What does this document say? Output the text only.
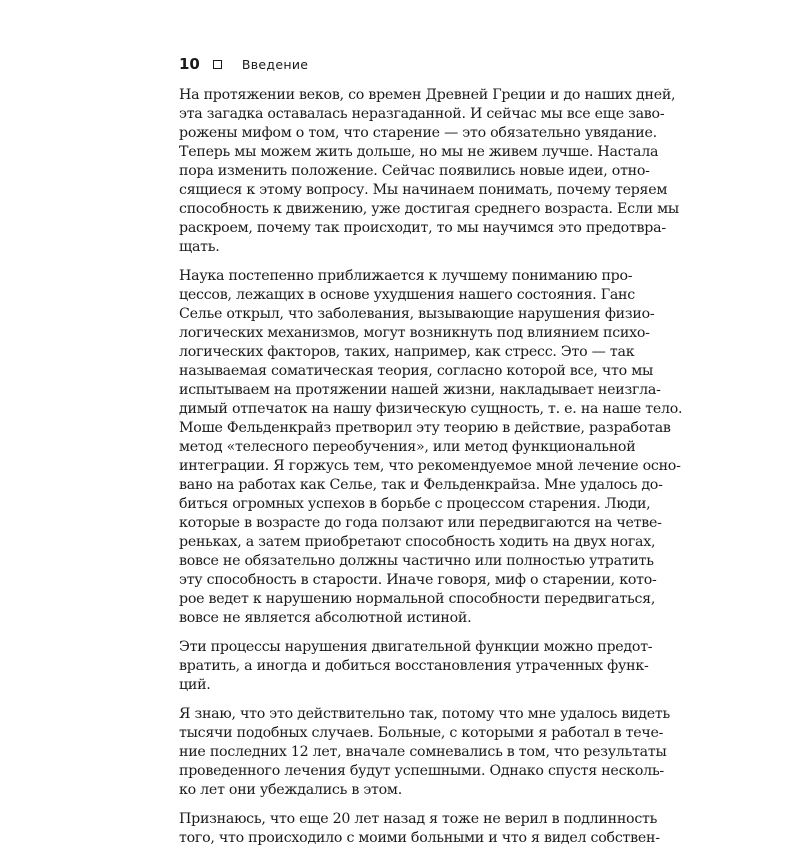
10	Введение
На протяжении веков, со времен Древней Греции и до наших дней,
эта загадка оставалась неразгаданной. И сейчас мы все еще заво-
рожены мифом о том, что старение — это обязательно увядание.
Теперь мы можем жить дольше, но мы не живем лучше. Настала
пора изменить положение. Сейчас появились новые идеи, отно-
сящиеся к этому вопросу. Мы начинаем понимать, почему теряем
способность к движению, уже достигая среднего возраста. Если мы
раскроем, почему так происходит, то мы научимся это предотвра-
щать.
Наука постепенно приближается к лучшему пониманию про-
цессов, лежащих в основе ухудшения нашего состояния. Ганс
Селье открыл, что заболевания, вызывающие нарушения физио-
логических механизмов, могут возникнуть под влиянием психо-
логических факторов, таких, например, как стресс. Это — так
называемая соматическая теория, согласно которой все, что мы
испытываем на протяжении нашей жизни, накладывает неизгла-
димый отпечаток на нашу физическую сущность, т. е. на наше тело.
Моше Фельденкрайз претворил эту теорию в действие, разработав
метод «телесного переобучения», или метод функциональной
интеграции. Я горжусь тем, что рекомендуемое мной лечение осно-
вано на работах как Селье, так и Фельденкрайза. Мне удалось до-
биться огромных успехов в борьбе с процессом старения. Люди,
которые в возрасте до года ползают или передвигаются на четве-
реньках, а затем приобретают способность ходить на двух ногах,
вовсе не обязательно должны частично или полностью утратить
эту способность в старости. Иначе говоря, миф о старении, кото-
рое ведет к нарушению нормальной способности передвигаться,
вовсе не является абсолютной истиной.
Эти процессы нарушения двигательной функции можно предот-
вратить, а иногда и добиться восстановления утраченных функ-
ций.
Я знаю, что это действительно так, потому что мне удалось видеть
тысячи подобных случаев. Больные, с которыми я работал в тече-
ние последних 12 лет, вначале сомневались в том, что результаты
проведенного лечения будут успешными. Однако спустя несколь-
ко лет они убеждались в этом.
Признаюсь, что еще 20 лет назад я тоже не верил в подлинность
того, что происходило с моими больными и что я видел собствен-
